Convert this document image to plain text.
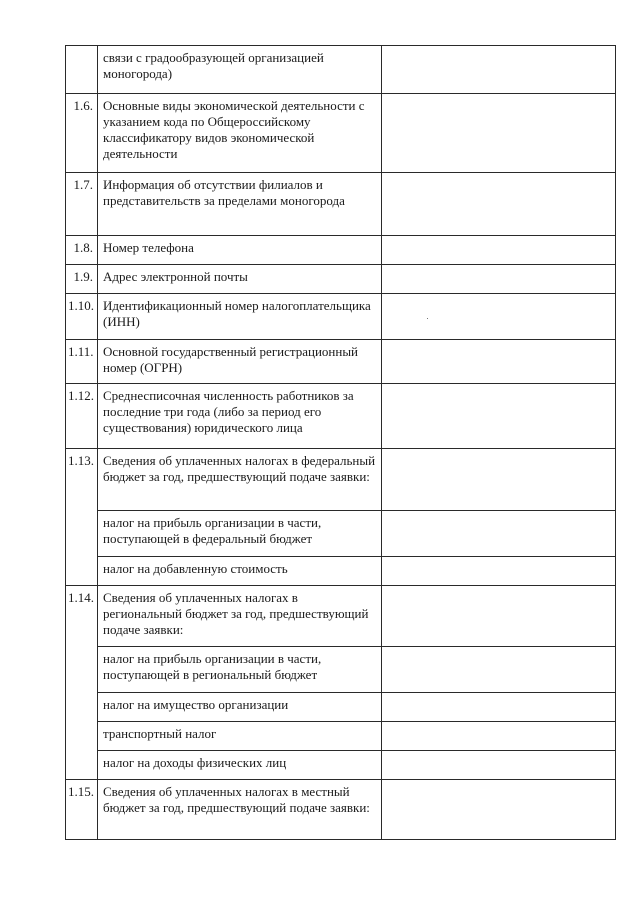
	связи с градообразующей организацией моногорода)	
1.6.	Основные виды экономической деятельности с указанием кода по Общероссийскому классификатору видов экономической деятельности	
1.7.	Информация об отсутствии филиалов и представительств за пределами моногорода	
1.8.	Номер телефона	
1.9.	Адрес электронной почты	
1.10.	Идентификационный номер налогоплательщика (ИНН)	
1.11.	Основной государственный регистрационный номер (ОГРН)	
1.12.	Среднесписочная численность работников за последние три года (либо за период его существования) юридического лица	
1.13.	Сведения об уплаченных налогах в федеральный бюджет за год, предшествующий подаче заявки:	
	налог на прибыль организации в части, поступающей в федеральный бюджет	
	налог на добавленную стоимость	
1.14.	Сведения об уплаченных налогах в региональный бюджет за год, предшествующий подаче заявки:	
	налог на прибыль организации в части, поступающей в региональный бюджет	
	налог на имущество организации	
	транспортный налог	
	налог на доходы физических лиц	
1.15.	Сведения об уплаченных налогах в местный бюджет за год, предшествующий подаче заявки:	
